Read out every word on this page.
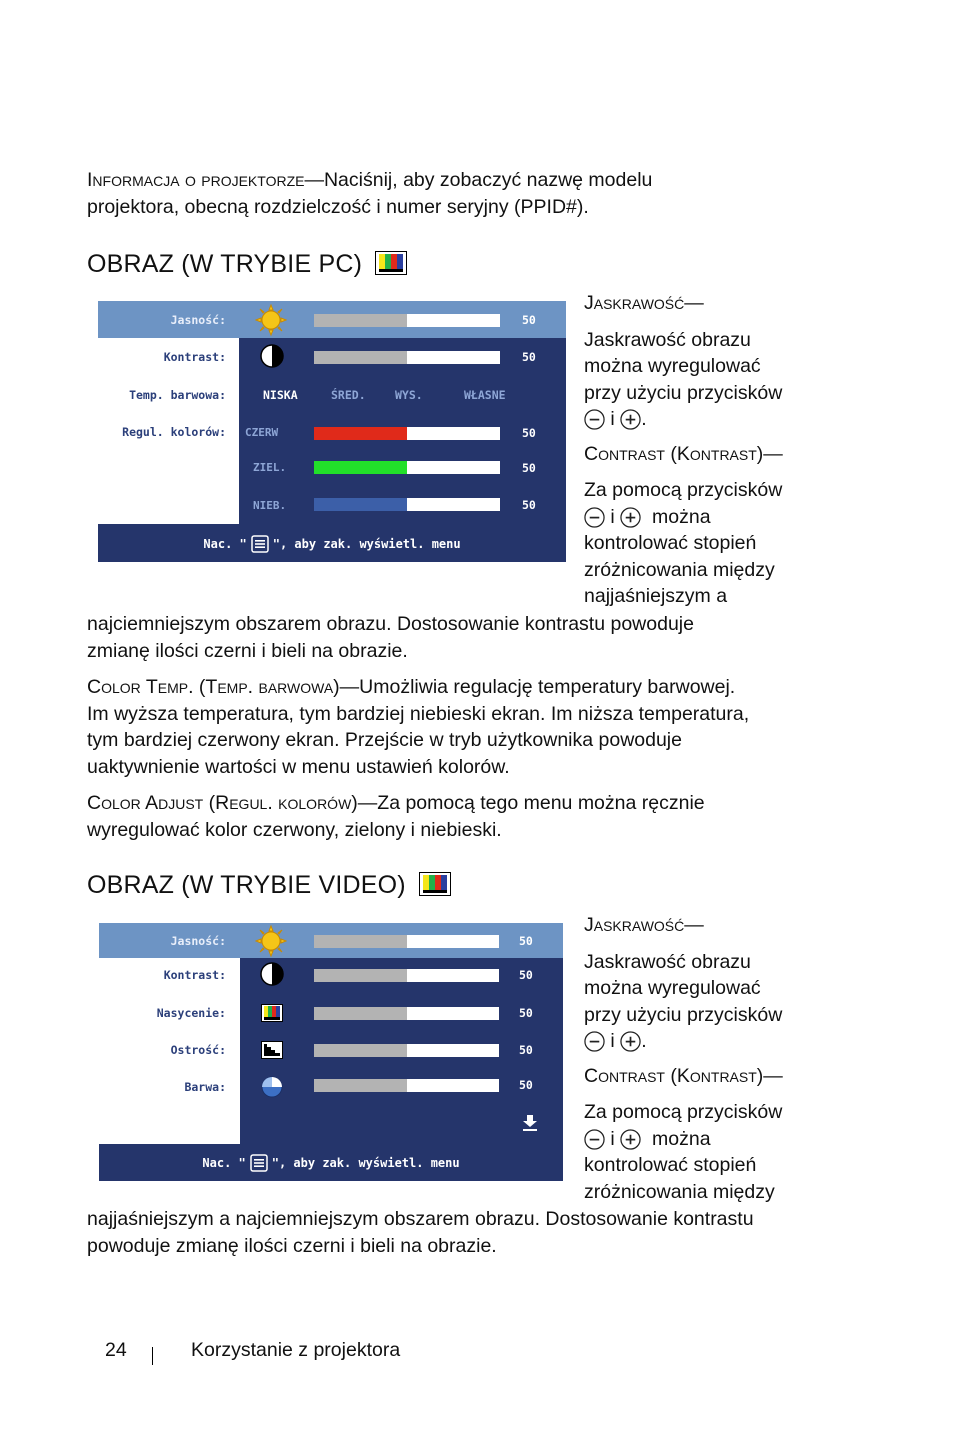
Informacja o projektorze—Naciśnij, aby zobaczyć nazwę modelu
projektora, obecną rozdzielczość i numer seryjny (PPID#).
OBRAZ (W TRYBIE PC)
Jasność:	50
Kontrast:	50
Temp. barwowa:	NISKA	ŚRED.	WYS.	WŁASNE
Regul. kolorów: CZERW	50
ZIEL.	50
NIEB.	50
Nac. " ", aby zak. wyświetl. menu
Jaskrawość—
Jaskrawość obrazu
można wyregulować
przy użyciu przycisków
i .
Contrast (Kontrast)—
Za pomocą przycisków
i można
kontrolować stopień
zróżnicowania między
najjaśniejszym a
najciemniejszym obszarem obrazu. Dostosowanie kontrastu powoduje
zmianę ilości czerni i bieli na obrazie.
Color Temp. (Temp. barwowa)—Umożliwia regulację temperatury barwowej.
Im wyższa temperatura, tym bardziej niebieski ekran. Im niższa temperatura,
tym bardziej czerwony ekran. Przejście w tryb użytkownika powoduje
uaktywnienie wartości w menu ustawień kolorów.
Color Adjust (Regul. kolorów)—Za pomocą tego menu można ręcznie
wyregulować kolor czerwony, zielony i niebieski.
OBRAZ (W TRYBIE VIDEO)
Jasność:	50
Kontrast:	50
Nasycenie:	50
Ostrość:	50
Barwa:	50
Nac. " ", aby zak. wyświetl. menu
Jaskrawość—
Jaskrawość obrazu
można wyregulować
przy użyciu przycisków
i .
Contrast (Kontrast)—
Za pomocą przycisków
i można
kontrolować stopień
zróżnicowania między
najjaśniejszym a najciemniejszym obszarem obrazu. Dostosowanie kontrastu
powoduje zmianę ilości czerni i bieli na obrazie.
24	Korzystanie z projektora
